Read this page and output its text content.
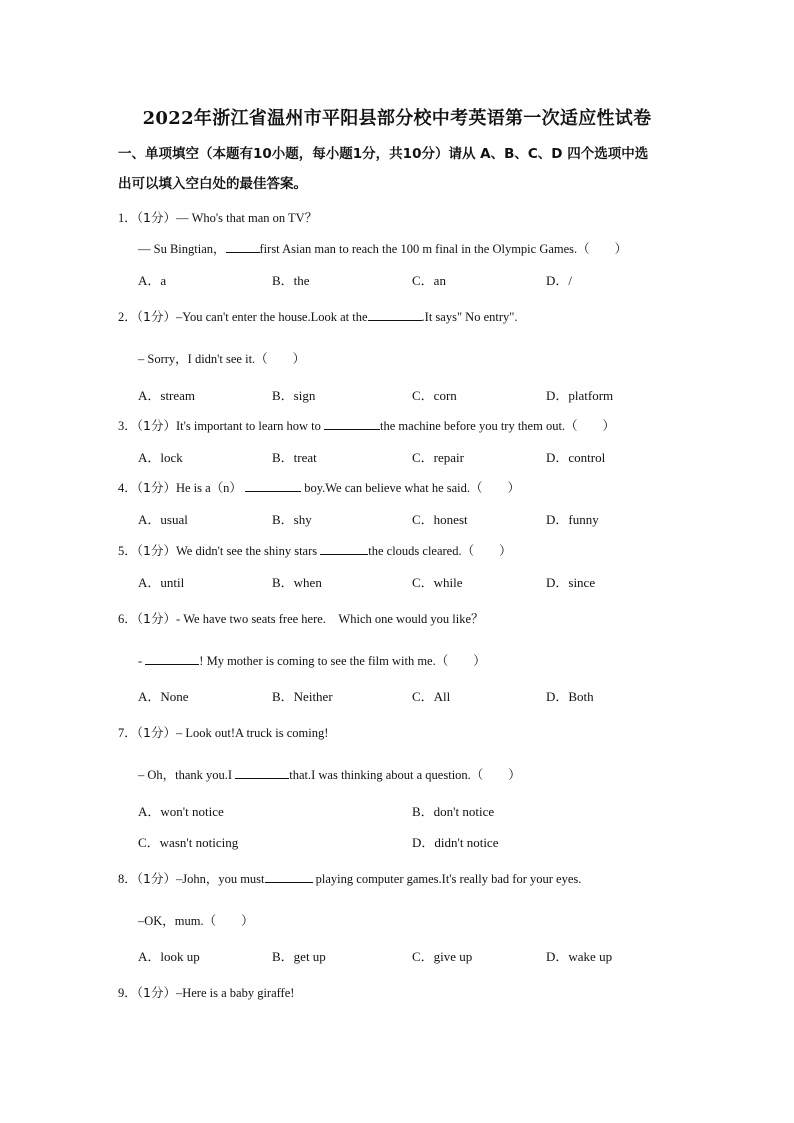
2022年浙江省温州市平阳县部分校中考英语第一次适应性试卷
一、单项填空（本题有10小题，每小题1分，共10分）请从 A、B、C、D 四个选项中选
出可以填入空白处的最佳答案。
1．（1分）— Who's that man on TV？
— Su Bingtian，	first Asian man to reach the 100 m final in the Olympic Games.（　　）
A．a	B．the	C．an	D．/
2．（1分）–You can't enter the house.Look at the	.It says" No entry".
– Sorry，I didn't see it.（　　）
A．stream	B．sign	C．corn	D．platform
3．（1分）It's important to learn how to	the machine before you try them out.（　　）
A．lock	B．treat	C．repair	D．control
4．（1分）He is a（n）	boy.We can believe what he said.（　　）
A．usual	B．shy	C．honest	D．funny
5．（1分）We didn't see the shiny stars	the clouds cleared.（　　）
A．until	B．when	C．while	D．since
6．（1分）- We have two seats free here.　Which one would you like？
-	! My mother is coming to see the film with me.（　　）
A．None	B．Neither	C．All	D．Both
7．（1分）– Look out!A truck is coming!
– Oh，thank you.I	that.I was thinking about a question.（　　）
A．won't notice	B．don't notice
C．wasn't noticing	D．didn't notice
8．（1分）–John，you must	playing computer games.It's really bad for your eyes.
–OK，mum.（　　）
A．look up	B．get up	C．give up	D．wake up
9．（1分）–Here is a baby giraffe!
